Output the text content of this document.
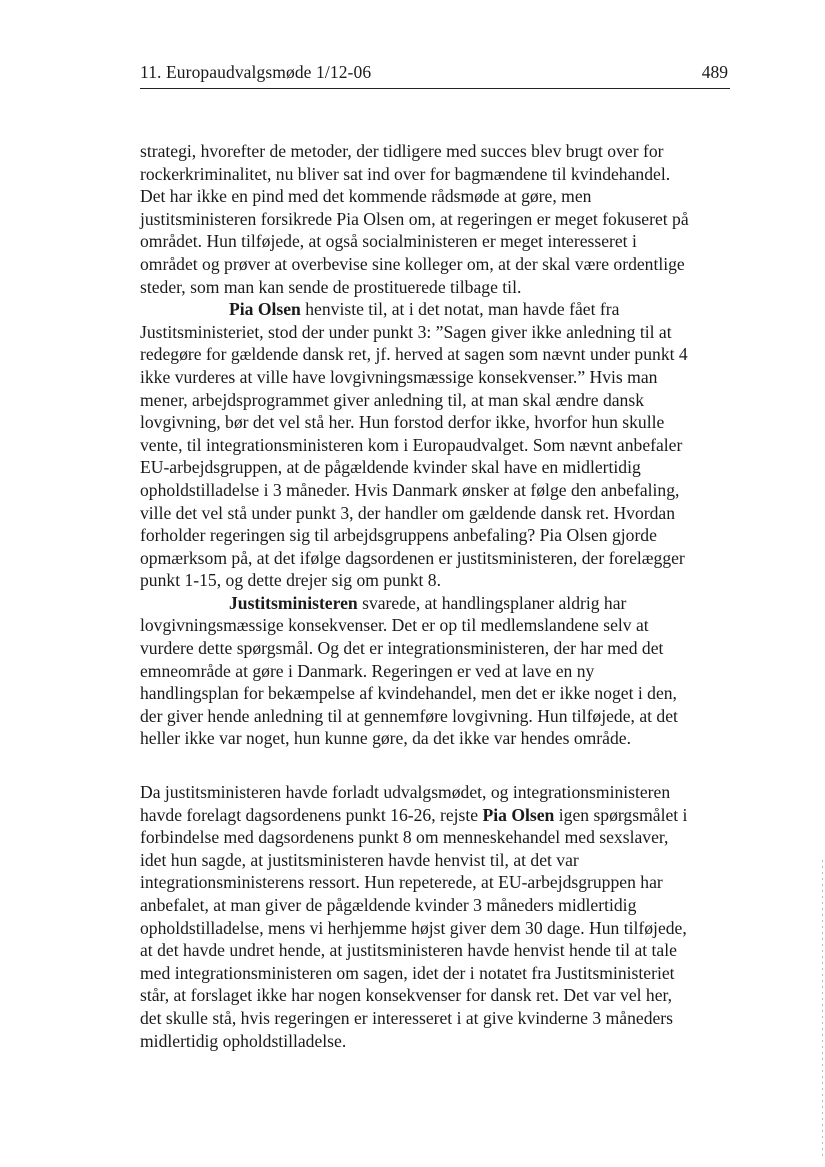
11. Europaudvalgsmøde 1/12-06	489
strategi, hvorefter de metoder, der tidligere med succes blev brugt over for
rockerkriminalitet, nu bliver sat ind over for bagmændene til kvindehandel.
Det har ikke en pind med det kommende rådsmøde at gøre, men
justitsministeren forsikrede Pia Olsen om, at regeringen er meget fokuseret på
området. Hun tilføjede, at også socialministeren er meget interesseret i
området og prøver at overbevise sine kolleger om, at der skal være ordentlige
steder, som man kan sende de prostituerede tilbage til.
Pia Olsen henviste til, at i det notat, man havde fået fra
Justitsministeriet, stod der under punkt 3: ”Sagen giver ikke anledning til at
redegøre for gældende dansk ret, jf. herved at sagen som nævnt under punkt 4
ikke vurderes at ville have lovgivningsmæssige konsekvenser.” Hvis man
mener, arbejdsprogrammet giver anledning til, at man skal ændre dansk
lovgivning, bør det vel stå her. Hun forstod derfor ikke, hvorfor hun skulle
vente, til integrationsministeren kom i Europaudvalget. Som nævnt anbefaler
EU-arbejdsgruppen, at de pågældende kvinder skal have en midlertidig
opholdstilladelse i 3 måneder. Hvis Danmark ønsker at følge den anbefaling,
ville det vel stå under punkt 3, der handler om gældende dansk ret. Hvordan
forholder regeringen sig til arbejdsgruppens anbefaling? Pia Olsen gjorde
opmærksom på, at det ifølge dagsordenen er justitsministeren, der forelægger
punkt 1-15, og dette drejer sig om punkt 8.
Justitsministeren svarede, at handlingsplaner aldrig har
lovgivningsmæssige konsekvenser. Det er op til medlemslandene selv at
vurdere dette spørgsmål. Og det er integrationsministeren, der har med det
emneområde at gøre i Danmark. Regeringen er ved at lave en ny
handlingsplan for bekæmpelse af kvindehandel, men det er ikke noget i den,
der giver hende anledning til at gennemføre lovgivning. Hun tilføjede, at det
heller ikke var noget, hun kunne gøre, da det ikke var hendes område.
Da justitsministeren havde forladt udvalgsmødet, og integrationsministeren
havde forelagt dagsordenens punkt 16-26, rejste Pia Olsen igen spørgsmålet i
forbindelse med dagsordenens punkt 8 om menneskehandel med sexslaver,
idet hun sagde, at justitsministeren havde henvist til, at det var
integrationsministerens ressort. Hun repeterede, at EU-arbejdsgruppen har
anbefalet, at man giver de pågældende kvinder 3 måneders midlertidig
opholdstilladelse, mens vi herhjemme højst giver dem 30 dage. Hun tilføjede,
at det havde undret hende, at justitsministeren havde henvist hende til at tale
med integrationsministeren om sagen, idet der i notatet fra Justitsministeriet
står, at forslaget ikke har nogen konsekvenser for dansk ret. Det var vel her,
det skulle stå, hvis regeringen er interesseret i at give kvinderne 3 måneders
midlertidig opholdstilladelse.
